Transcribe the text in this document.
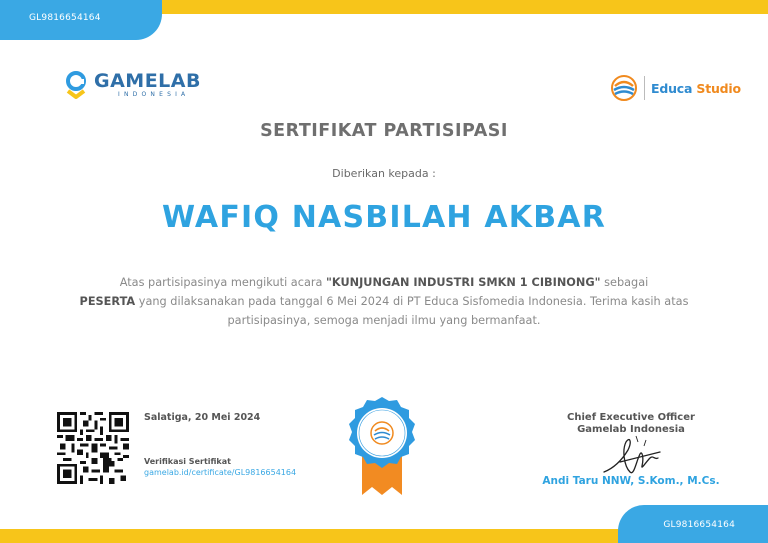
GL9816654164
GL9816654164
GAMELAB
INDONESIA	Educa Studio
SERTIFIKAT PARTISIPASI
Diberikan kepada :
WAFIQ NASBILAH AKBAR
Atas partisipasinya mengikuti acara "KUNJUNGAN INDUSTRI SMKN 1 CIBINONG" sebagai
PESERTA yang dilaksanakan pada tanggal 6 Mei 2024 di PT Educa Sisfomedia Indonesia. Terima kasih atas partisipasinya, semoga menjadi ilmu yang bermanfaat.
Salatiga, 20 Mei 2024
Verifikasi Sertifikat
gamelab.id/certificate/GL9816654164
Chief Executive Officer
Gamelab Indonesia
Andi Taru NNW, S.Kom., M.Cs.
